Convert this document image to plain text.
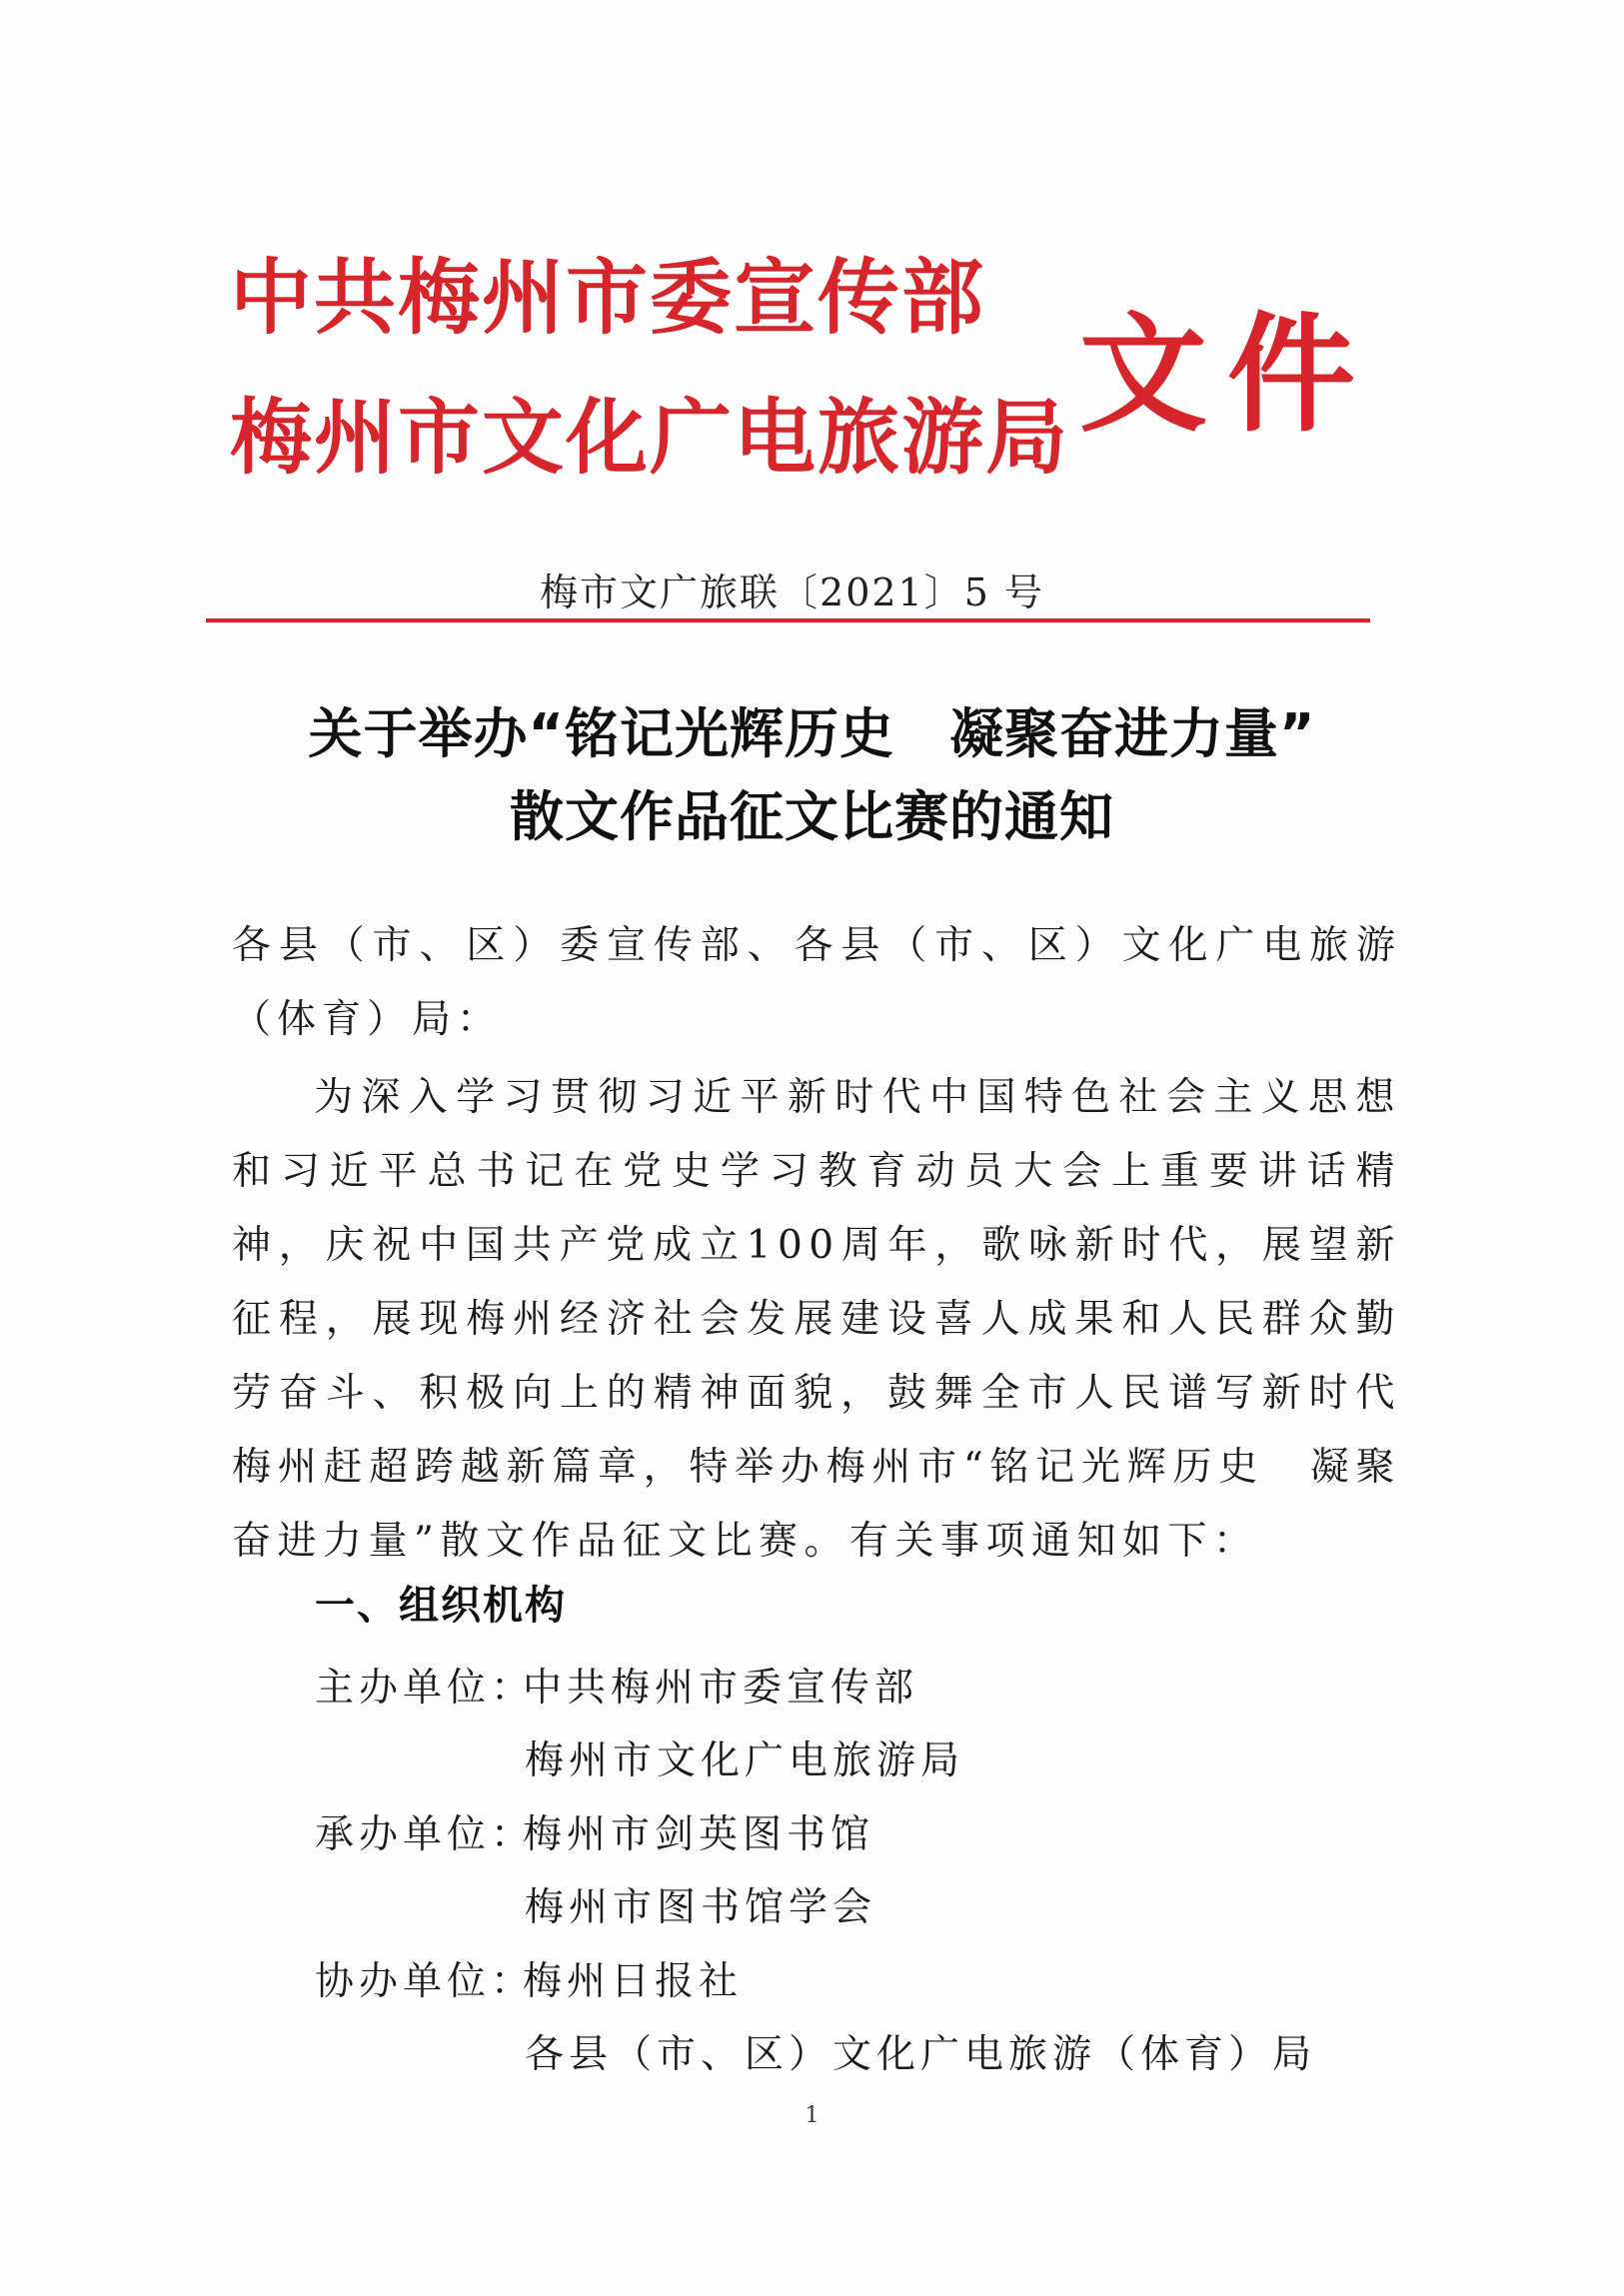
中共梅州市委宣传部
梅州市文化广电旅游局 文件
梅市文广旅联〔2021〕5 号
关于举办“铭记光辉历史　凝聚奋进力量”
散文作品征文比赛的通知
各县（市、区）委宣传部、各县（市、区）文化广电旅游（体育）局：
为深入学习贯彻习近平新时代中国特色社会主义思想和习近平总书记在党史学习教育动员大会上重要讲话精神，庆祝中国共产党成立100周年，歌咏新时代，展望新征程，展现梅州经济社会发展建设喜人成果和人民群众勤劳奋斗、积极向上的精神面貌，鼓舞全市人民谱写新时代梅州赶超跨越新篇章，特举办梅州市“铭记光辉历史　凝聚奋进力量”散文作品征文比赛。有关事项通知如下：
一、组织机构
主办单位：中共梅州市委宣传部
梅州市文化广电旅游局
承办单位：梅州市剑英图书馆
梅州市图书馆学会
协办单位：梅州日报社
各县（市、区）文化广电旅游（体育）局
1
